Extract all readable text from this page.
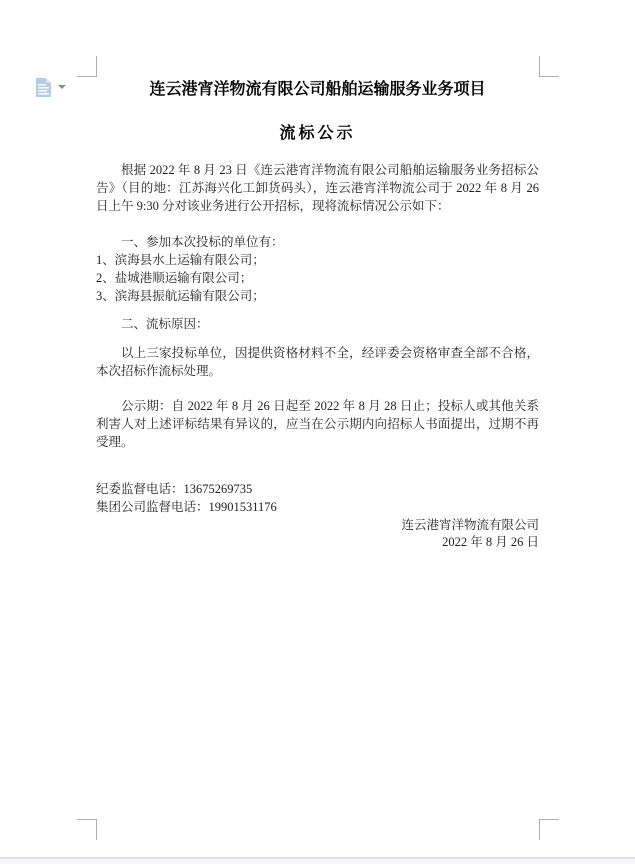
连云港宵洋物流有限公司船舶运输服务业务项目
流标公示
根据 2022 年 8 月 23 日《连云港宵洋物流有限公司船舶运输服务业务招标公告》（目的地：江苏海兴化工卸货码头），连云港宵洋物流公司于 2022 年 8 月 26 日上午 9:30 分对该业务进行公开招标，现将流标情况公示如下：
一、参加本次投标的单位有：
1、滨海县水上运输有限公司；
2、盐城港顺运输有限公司；
3、滨海县振航运输有限公司；
二、流标原因：
以上三家投标单位，因提供资格材料不全，经评委会资格审查全部不合格，本次招标作流标处理。
公示期：自 2022 年 8 月 26 日起至 2022 年 8 月 28 日止；投标人或其他关系利害人对上述评标结果有异议的，应当在公示期内向招标人书面提出，过期不再受理。
纪委监督电话：13675269735
集团公司监督电话：19901531176
连云港宵洋物流有限公司
2022 年 8 月 26 日
